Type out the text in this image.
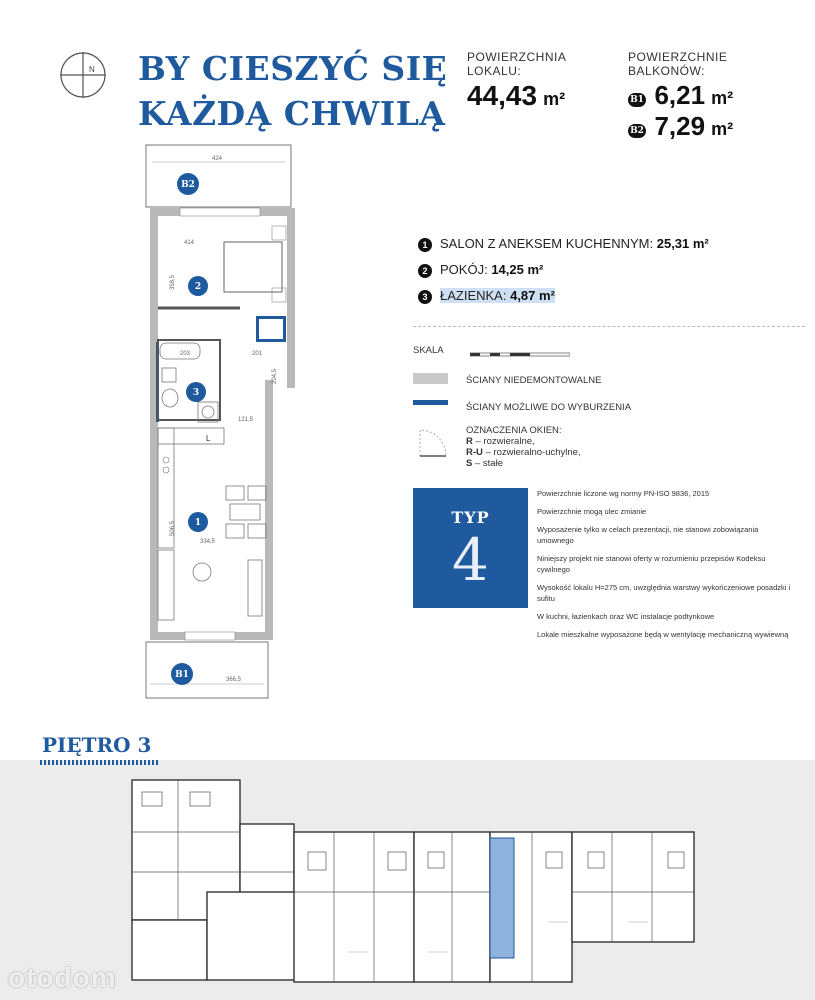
N BY CIESZYĆ SIĘ
KAŻDĄ CHWILĄ
POWIERZCHNIA
LOKALU:
44,43 m²
POWIERZCHNIE
BALKONÓW:
B1 6,21 m²
B2 7,29 m²
424
B2
414
358,5 2
203	201
204,5
121,5
3
L
506,5
334,5
1
366,5
B1
1 SALON Z ANEKSEM KUCHENNYM: 25,31 m²
2 POKÓJ: 14,25 m²
3 ŁAZIENKA: 4,87 m²
SKALA
ŚCIANY NIEDEMONTOWALNE
ŚCIANY MOŻLIWE DO WYBURZENIA
OZNACZENIA OKIEN:
R – rozwieralne,
R-U – rozwieralno-uchylne,
S – stałe
TYP
4
Powierzchnie liczone wg normy PN-ISO 9836, 2015
Powierzchnie mogą ulec zmianie
Wyposażenie tylko w celach prezentacji, nie stanowi zobowiązania umownego
Niniejszy projekt nie stanowi oferty w rozumieniu przepisów Kodeksu cywilnego
Wysokość lokalu H=275 cm, uwzględnia warstwy wykończeniowe posadzki i sufitu
W kuchni, łazienkach oraz WC instalacje podtynkowe
Lokale mieszkalne wyposażone będą w wentylację mechaniczną wywiewną
PIĘTRO 3
otodom
